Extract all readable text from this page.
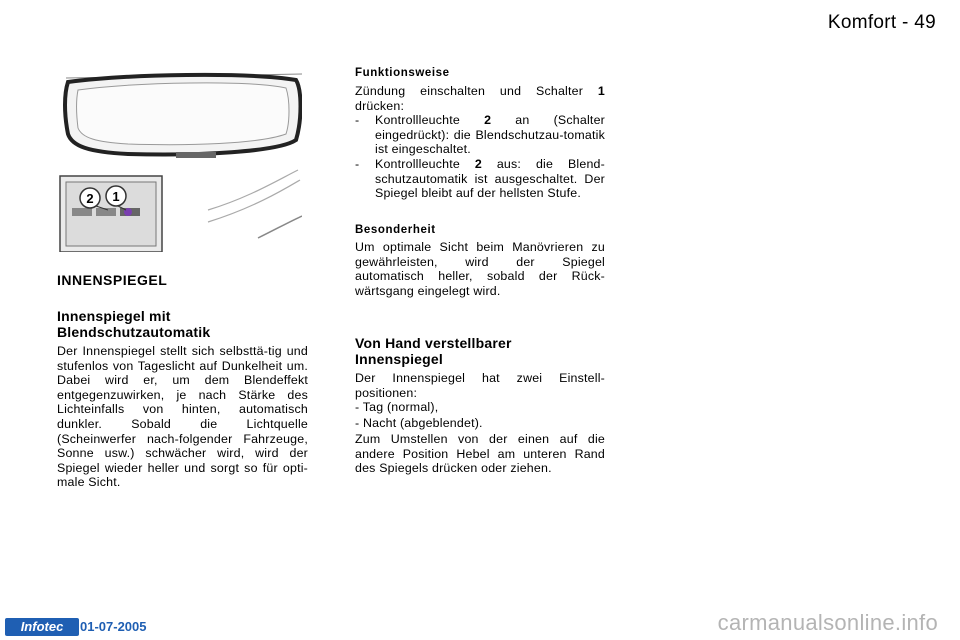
Komfort - 49
2 1
INNENSPIEGEL
Innenspiegel mit
Blendschutzautomatik

Der Innenspiegel stellt sich selbsttä-tig und stufenlos von Tageslicht auf Dunkelheit um. Dabei wird er, um dem Blendeffekt entgegenzuwirken, je nach Stärke des Lichteinfalls von hinten, automatisch dunkler. Sobald die Lichtquelle (Scheinwerfer nach-folgender Fahrzeuge, Sonne usw.) schwächer wird, wird der Spiegel wieder heller und sorgt so für opti-male Sicht.

Funktionsweise

Zündung einschalten und Schalter 1 drücken:

- Kontrollleuchte 2 an (Schalter eingedrückt): die Blendschutzau-tomatik ist eingeschaltet.
- Kontrollleuchte 2 aus: die Blend-schutzautomatik ist ausgeschaltet. Der Spiegel bleibt auf der hellsten Stufe.
Besonderheit

Um optimale Sicht beim Manövrieren zu gewährleisten, wird der Spiegel automatisch heller, sobald der Rück-wärtsgang eingelegt wird.

Von Hand verstellbarer
Innenspiegel

Der Innenspiegel hat zwei Einstell-positionen:

- Tag (normal),
- Nacht (abgeblendet).

Zum Umstellen von der einen auf die andere Position Hebel am unteren Rand des Spiegels drücken oder ziehen.

Infotec	01-07-2005	carmanualsonline.info
